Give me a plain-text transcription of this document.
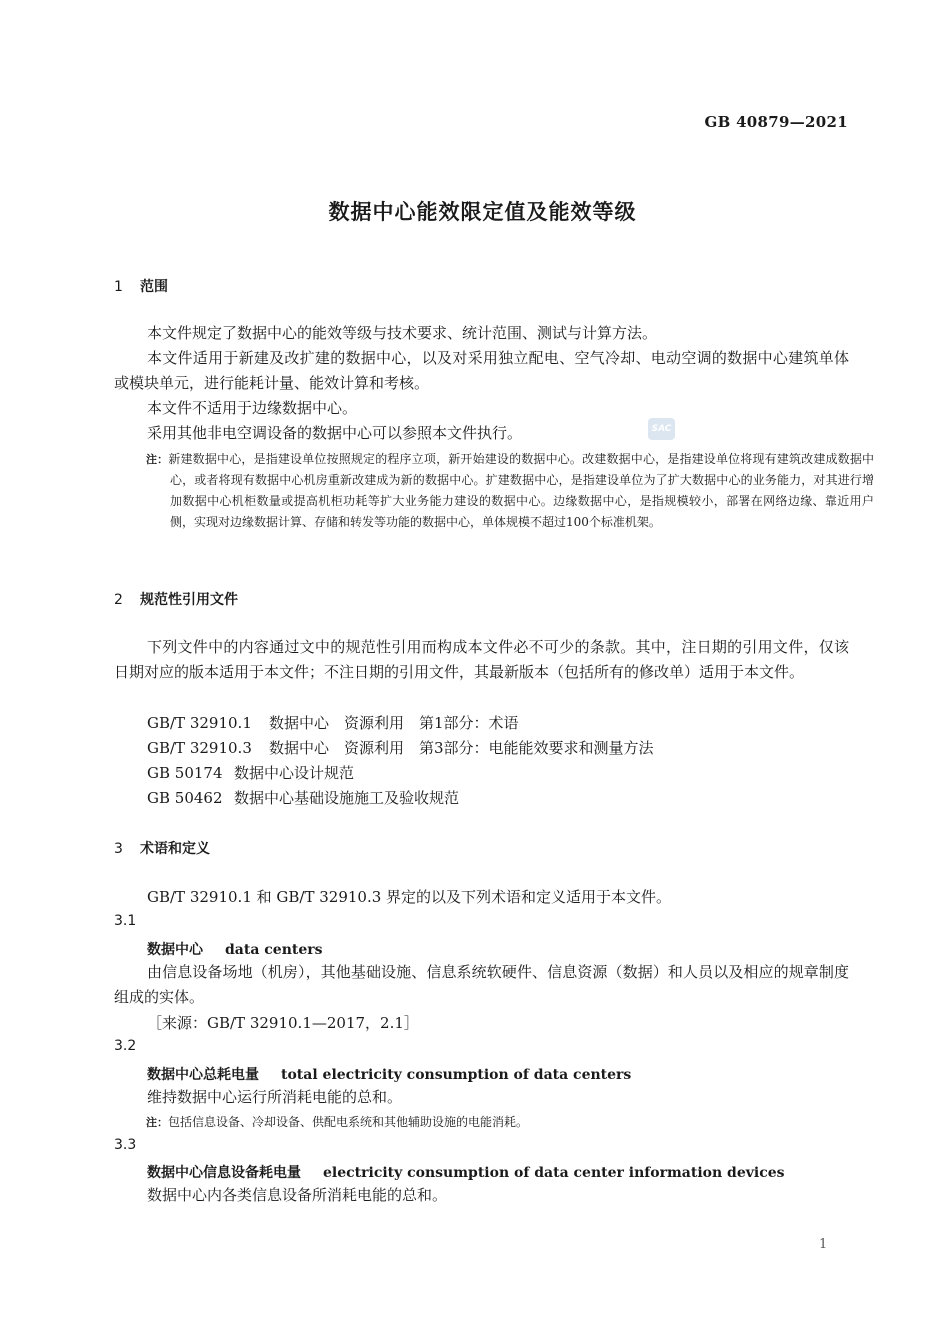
GB 40879—2021
数据中心能效限定值及能效等级
1 范围

本文件规定了数据中心的能效等级与技术要求、统计范围、测试与计算方法。

本文件适用于新建及改扩建的数据中心，以及对采用独立配电、空气冷却、电动空调的数据中心建筑单体或模块单元，进行能耗计量、能效计算和考核。

本文件不适用于边缘数据中心。

采用其他非电空调设备的数据中心可以参照本文件执行。	SAC
注：新建数据中心，是指建设单位按照规定的程序立项，新开始建设的数据中心。改建数据中心，是指建设单位将现有建筑改建成数据中心，或者将现有数据中心机房重新改建成为新的数据中心。扩建数据中心，是指建设单位为了扩大数据中心的业务能力，对其进行增加数据中心机柜数量或提高机柜功耗等扩大业务能力建设的数据中心。边缘数据中心，是指规模较小，部署在网络边缘、靠近用户侧，实现对边缘数据计算、存储和转发等功能的数据中心，单体规模不超过100个标准机架。
2 规范性引用文件

下列文件中的内容通过文中的规范性引用而构成本文件必不可少的条款。其中，注日期的引用文件，仅该日期对应的版本适用于本文件；不注日期的引用文件，其最新版本（包括所有的修改单）适用于本文件。

GB/T 32910.1 数据中心　资源利用　第1部分：术语
GB/T 32910.3 数据中心　资源利用　第3部分：电能能效要求和测量方法
GB 50174 数据中心设计规范
GB 50462 数据中心基础设施施工及验收规范
3 术语和定义

GB/T 32910.1 和 GB/T 32910.3 界定的以及下列术语和定义适用于本文件。

3.1
数据中心 data centers

由信息设备场地（机房），其他基础设施、信息系统软硬件、信息资源（数据）和人员以及相应的规章制度组成的实体。

［来源：GB/T 32910.1—2017，2.1］
3.2
数据中心总耗电量 total electricity consumption of data centers

维持数据中心运行所消耗电能的总和。

注：包括信息设备、冷却设备、供配电系统和其他辅助设施的电能消耗。
3.3
数据中心信息设备耗电量 electricity consumption of data center information devices

数据中心内各类信息设备所消耗电能的总和。

1
